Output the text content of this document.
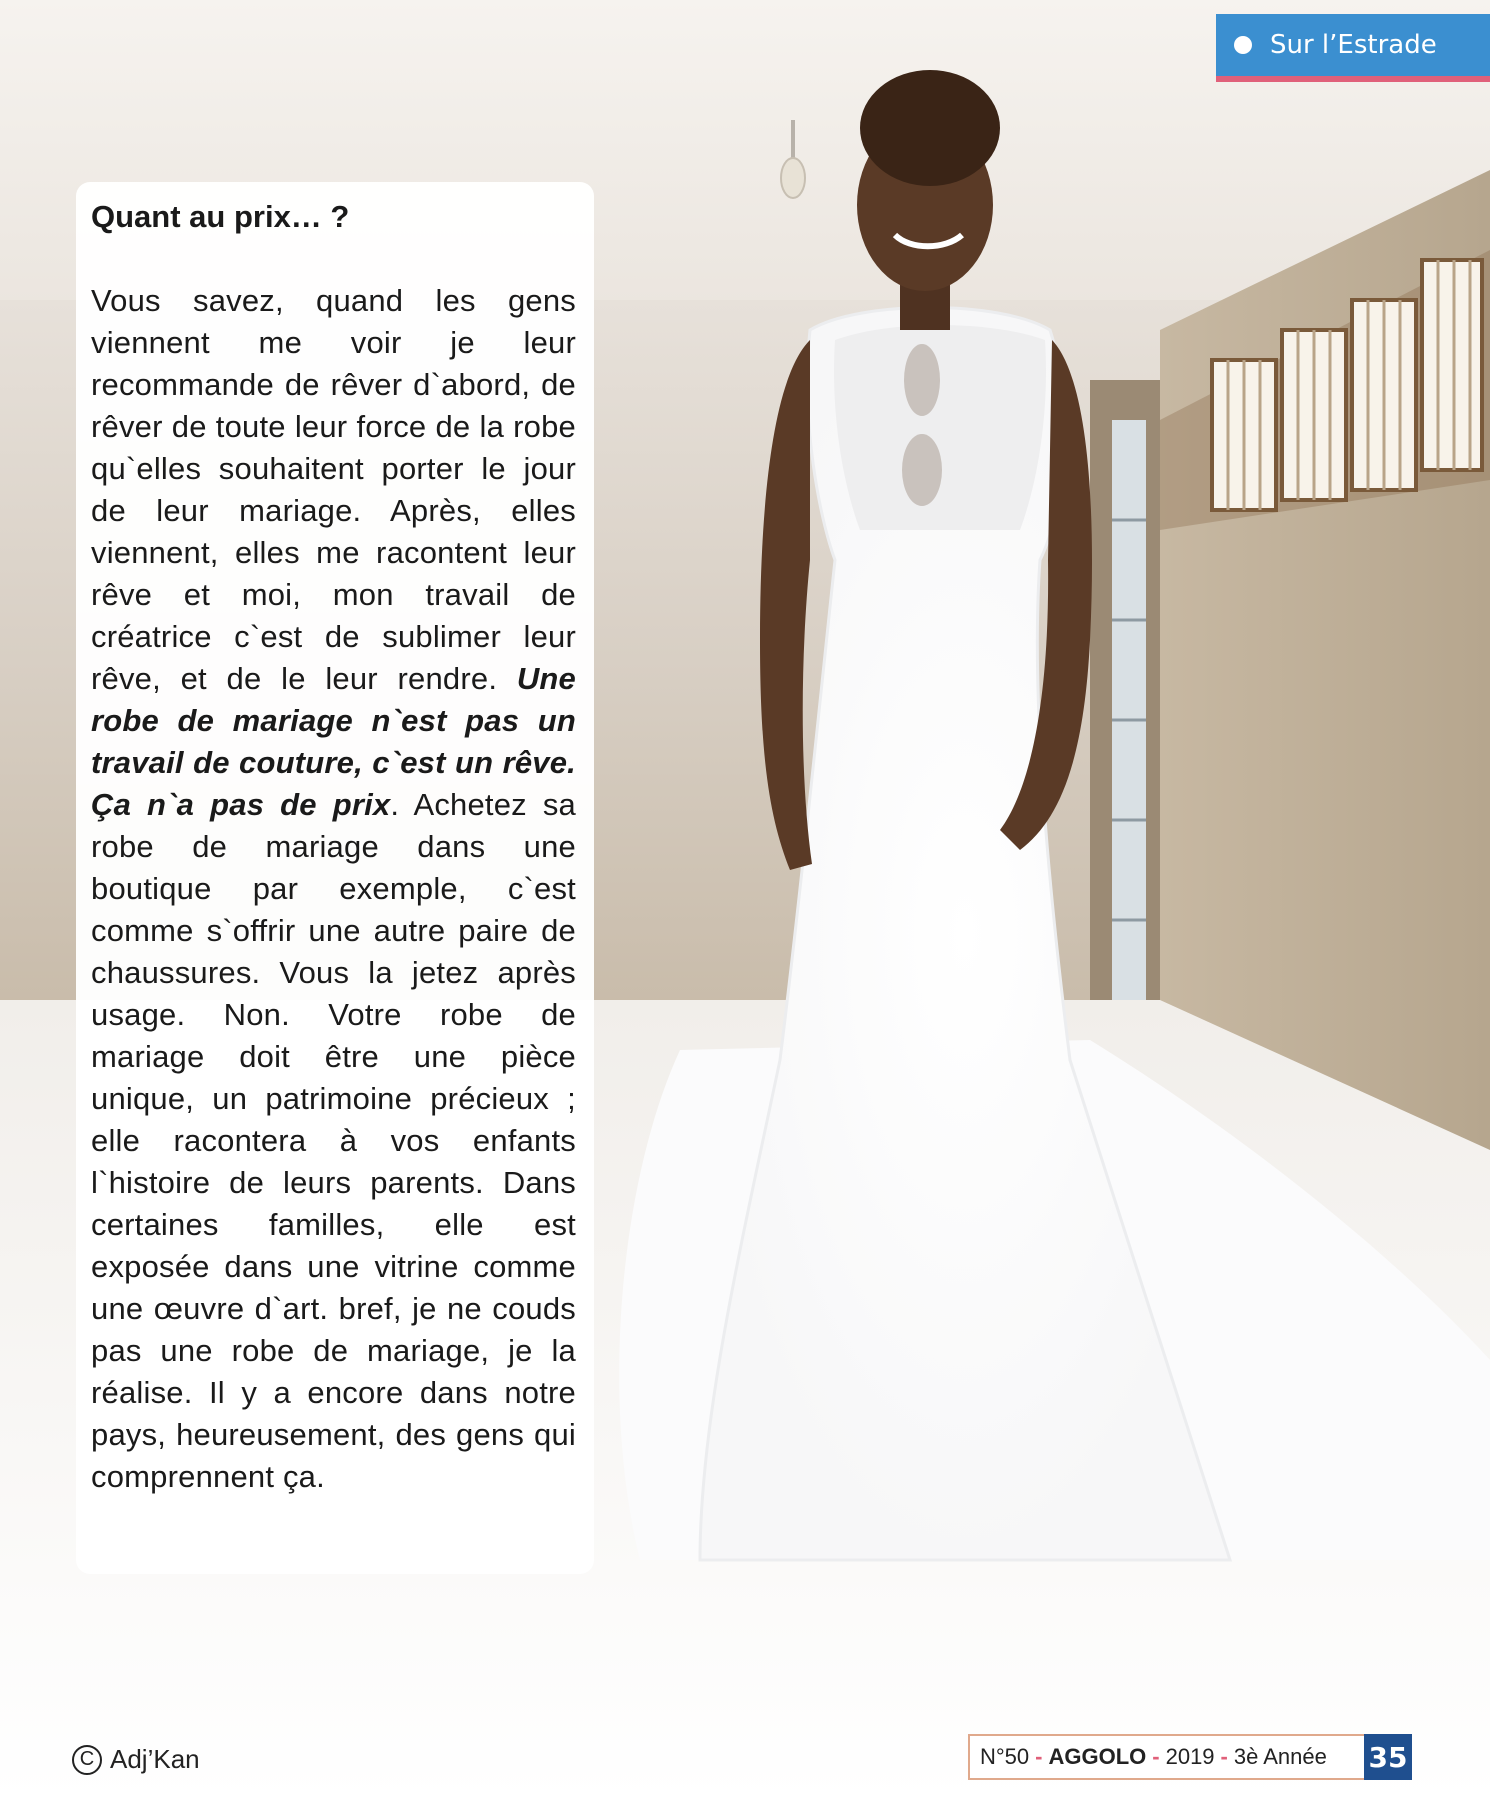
Sur l’Estrade

Quant au prix… ?

Vous savez, quand les gens viennent me voir je leur recommande de rêver d`abord, de rêver de toute leur force de la robe qu`elles souhaitent porter le jour de leur mariage. Après, elles viennent, elles me racontent leur rêve et moi, mon travail de créatrice c`est de sublimer leur rêve, et de le leur rendre. Une robe de mariage n`est pas un travail de couture, c`est un rêve. Ça n`a pas de prix. Achetez sa robe de mariage dans une boutique par exemple, c`est comme s`offrir une autre paire de chaussures. Vous la jetez après usage. Non. Votre robe de mariage doit être une pièce unique, un patrimoine précieux ; elle racontera à vos enfants l`histoire de leurs parents. Dans certaines familles, elle est exposée dans une vitrine comme une œuvre d`art. bref, je ne couds pas une robe de mariage, je la réalise. Il y a encore dans notre pays, heureusement, des gens qui comprennent ça.

C Adj’Kan	N°50 - AGGOLO - 2019 - 3è Année	35
